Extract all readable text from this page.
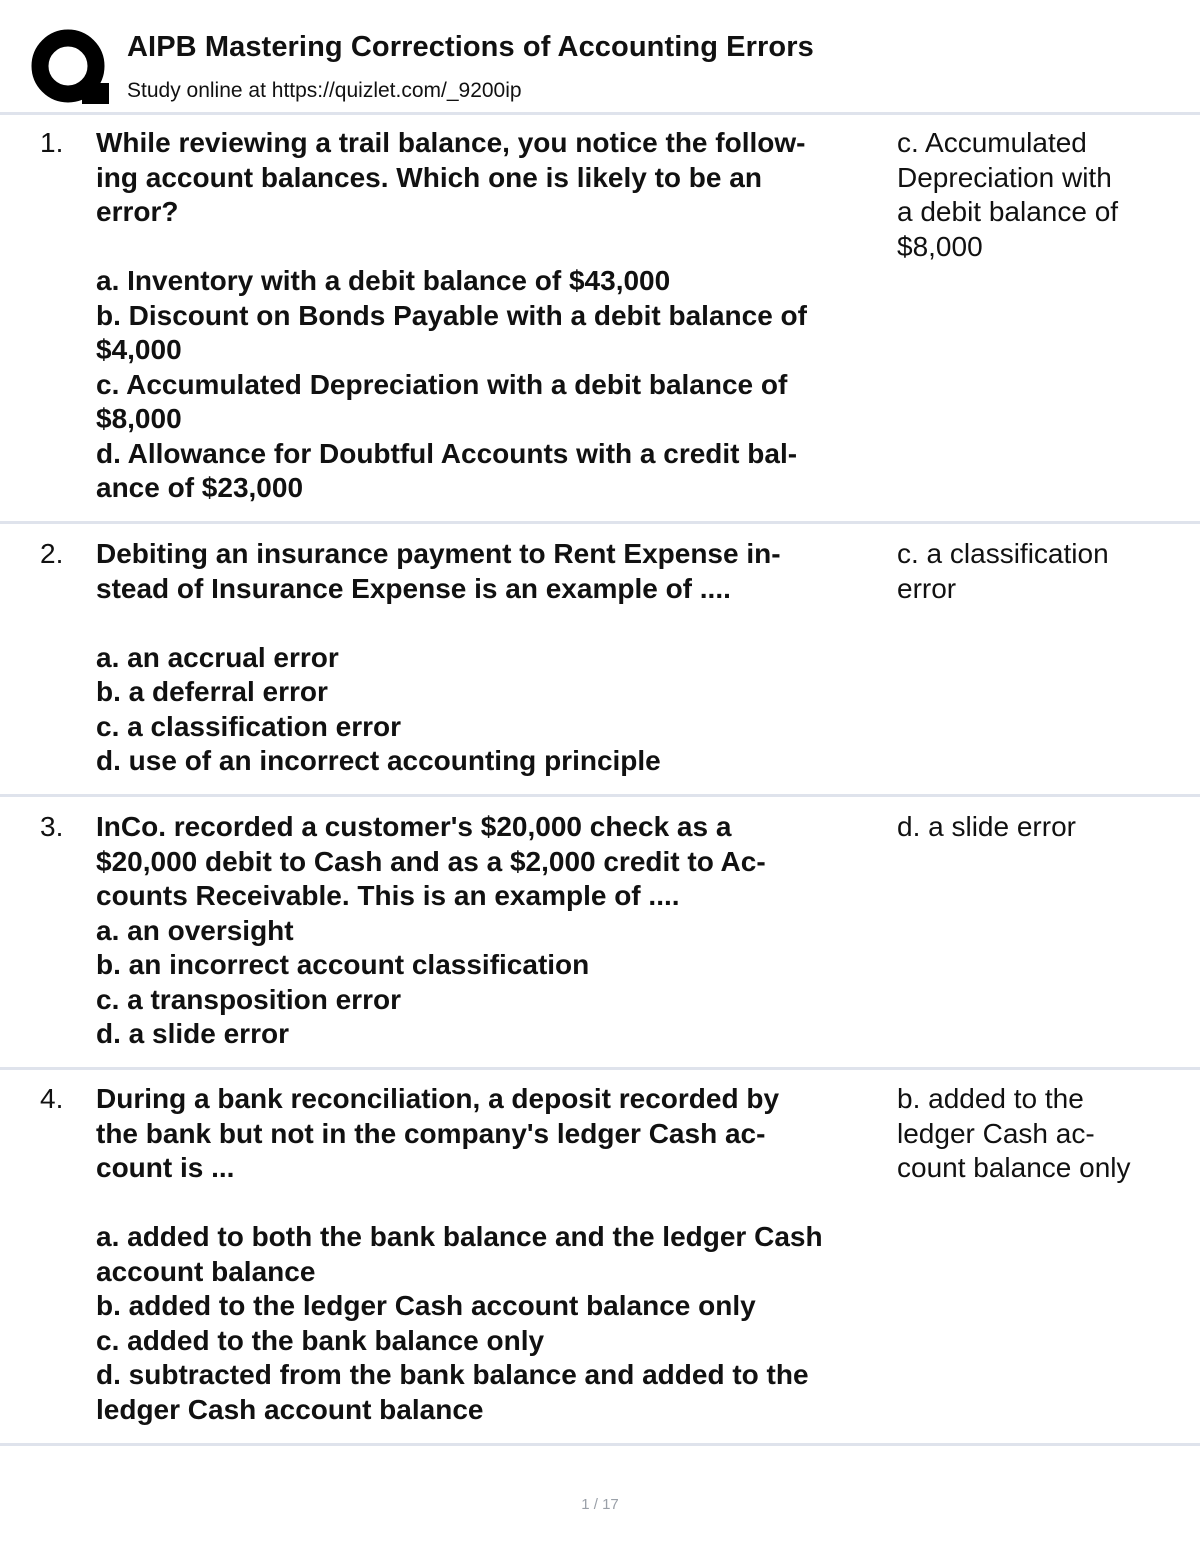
AIPB Mastering Corrections of Accounting Errors
Study online at https://quizlet.com/_9200ip
1. While reviewing a trail balance, you notice the follow-
ing account balances. Which one is likely to be an
error?

a. Inventory with a debit balance of $43,000
b. Discount on Bonds Payable with a debit balance of
$4,000
c. Accumulated Depreciation with a debit balance of
$8,000
d. Allowance for Doubtful Accounts with a credit bal-
ance of $23,000

c. Accumulated
Depreciation with
a debit balance of
$8,000
2. Debiting an insurance payment to Rent Expense in-
stead of Insurance Expense is an example of ....

a. an accrual error
b. a deferral error
c. a classification error
d. use of an incorrect accounting principle

c. a classification
error
3. InCo. recorded a customer's $20,000 check as a
$20,000 debit to Cash and as a $2,000 credit to Ac-
counts Receivable. This is an example of ....

a. an oversight
b. an incorrect account classification
c. a transposition error
d. a slide error

d. a slide error
4. During a bank reconciliation, a deposit recorded by
the bank but not in the company's ledger Cash ac-
count is ...

a. added to both the bank balance and the ledger Cash
account balance
b. added to the ledger Cash account balance only
c. added to the bank balance only
d. subtracted from the bank balance and added to the
ledger Cash account balance

b. added to the
ledger Cash ac-
count balance only
1 / 17
